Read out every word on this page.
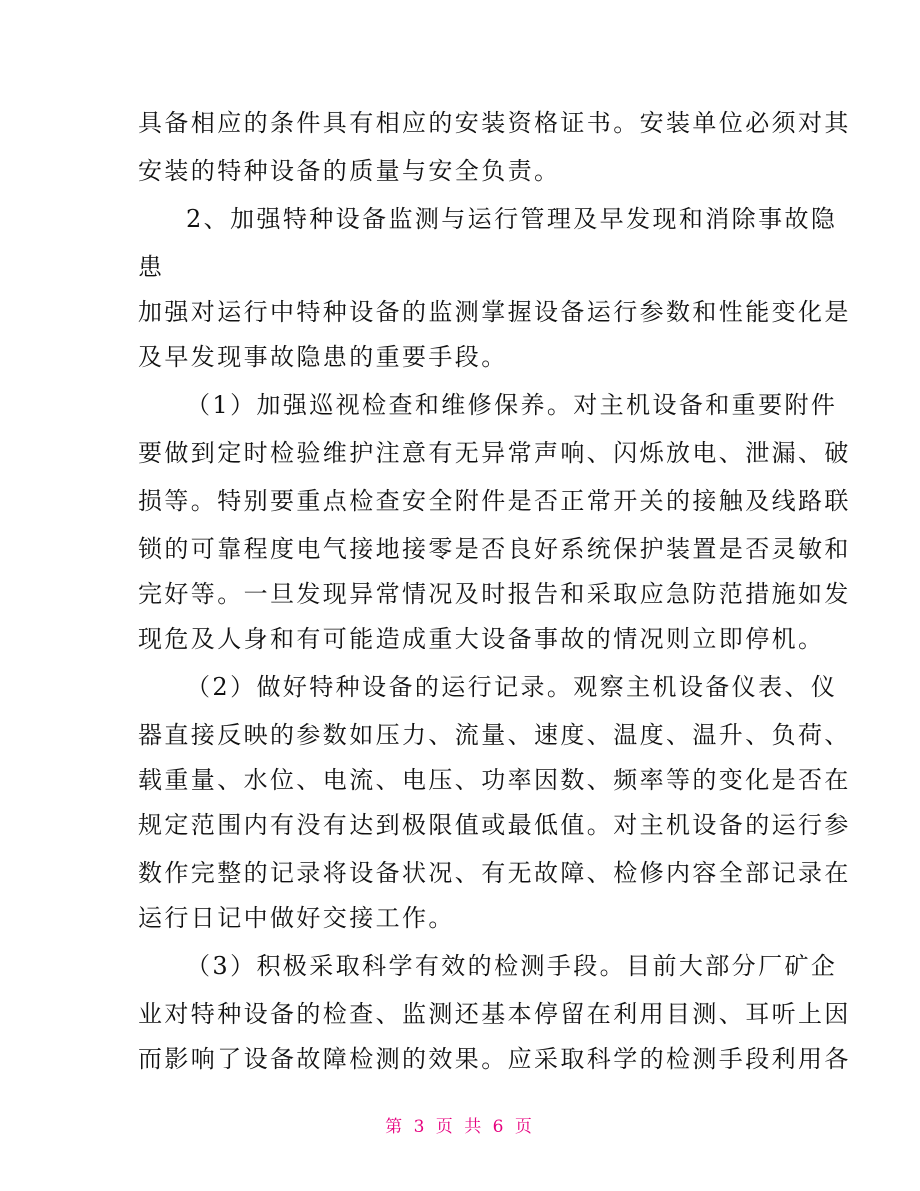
具备相应的条件具有相应的安装资格证书。安装单位必须对其
安装的特种设备的质量与安全负责。
2、加强特种设备监测与运行管理及早发现和消除事故隐
患
加强对运行中特种设备的监测掌握设备运行参数和性能变化是
及早发现事故隐患的重要手段。
（1）加强巡视检查和维修保养。对主机设备和重要附件
要做到定时检验维护注意有无异常声响、闪烁放电、泄漏、破
损等。特别要重点检查安全附件是否正常开关的接触及线路联
锁的可靠程度电气接地接零是否良好系统保护装置是否灵敏和
完好等。一旦发现异常情况及时报告和采取应急防范措施如发
现危及人身和有可能造成重大设备事故的情况则立即停机。
（2）做好特种设备的运行记录。观察主机设备仪表、仪
器直接反映的参数如压力、流量、速度、温度、温升、负荷、
载重量、水位、电流、电压、功率因数、频率等的变化是否在
规定范围内有没有达到极限值或最低值。对主机设备的运行参
数作完整的记录将设备状况、有无故障、检修内容全部记录在
运行日记中做好交接工作。
（3）积极采取科学有效的检测手段。目前大部分厂矿企
业对特种设备的检查、监测还基本停留在利用目测、耳听上因
而影响了设备故障检测的效果。应采取科学的检测手段利用各
第 3 页 共 6 页
